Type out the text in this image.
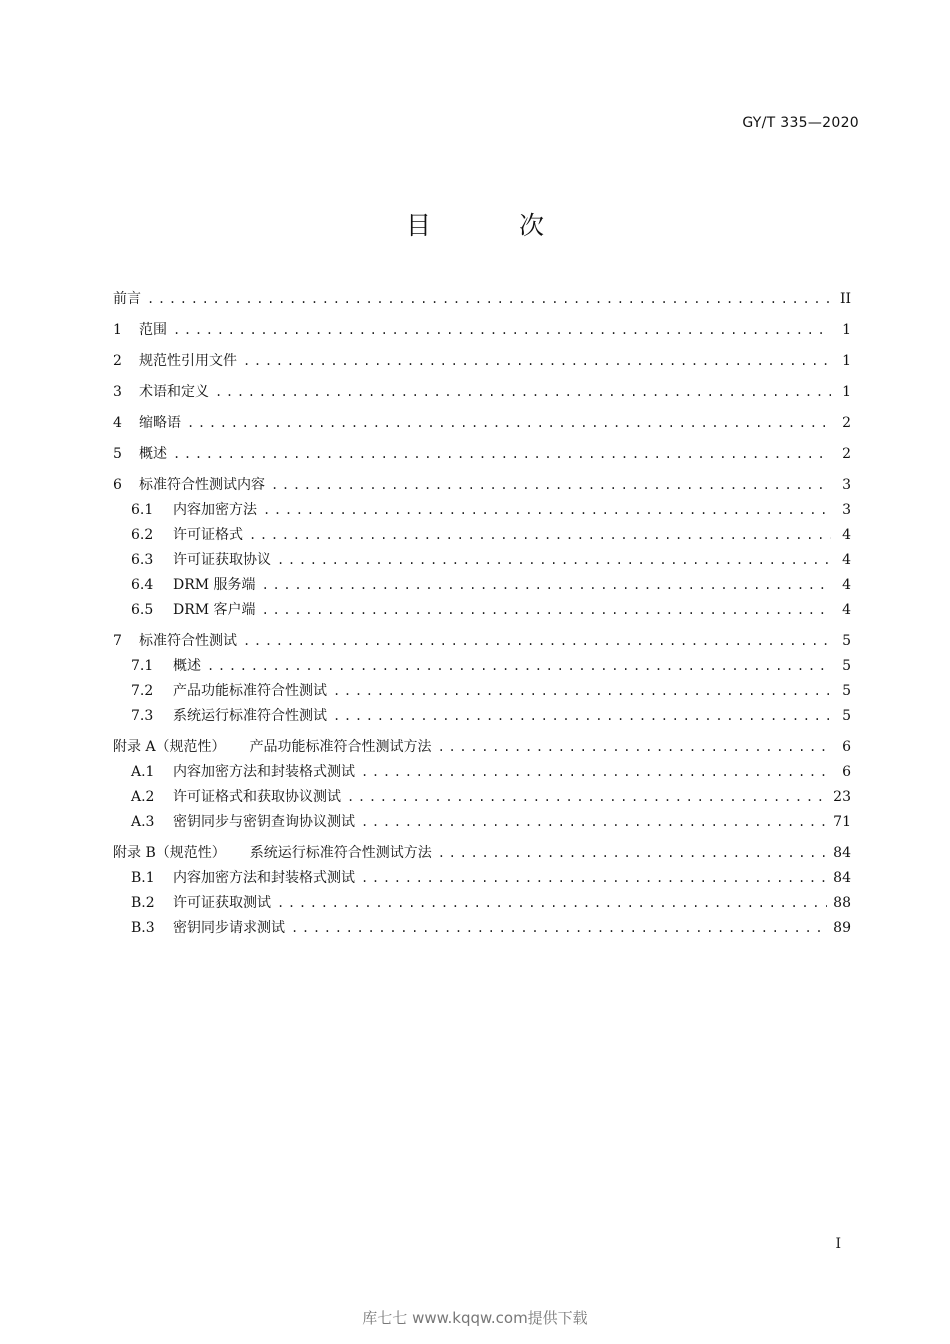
GY/T 335—2020
目 次
前言 .....	II
1	范围 .....	1
2	规范性引用文件 .....	1
3	术语和定义 .....	1
4	缩略语 .....	2
5	概述 .....	2
6	标准符合性测试内容 .....	3
6.1	内容加密方法 .....	3
6.2	许可证格式 .....	4
6.3	许可证获取协议 .....	4
6.4	DRM 服务端 .....	4
6.5	DRM 客户端 .....	4
7	标准符合性测试 .....	5
7.1	概述 .....	5
7.2	产品功能标准符合性测试 .....	5
7.3	系统运行标准符合性测试 .....	5
附录 A（规范性） 产品功能标准符合性测试方法 .....	6
A.1	内容加密方法和封装格式测试 .....	6
A.2	许可证格式和获取协议测试 .....	23
A.3	密钥同步与密钥查询协议测试 .....	71
附录 B（规范性） 系统运行标准符合性测试方法 .....	84
B.1	内容加密方法和封装格式测试 .....	84
B.2	许可证获取测试 .....	88
B.3	密钥同步请求测试 .....	89
I
库七七 www.kqqw.com提供下载
